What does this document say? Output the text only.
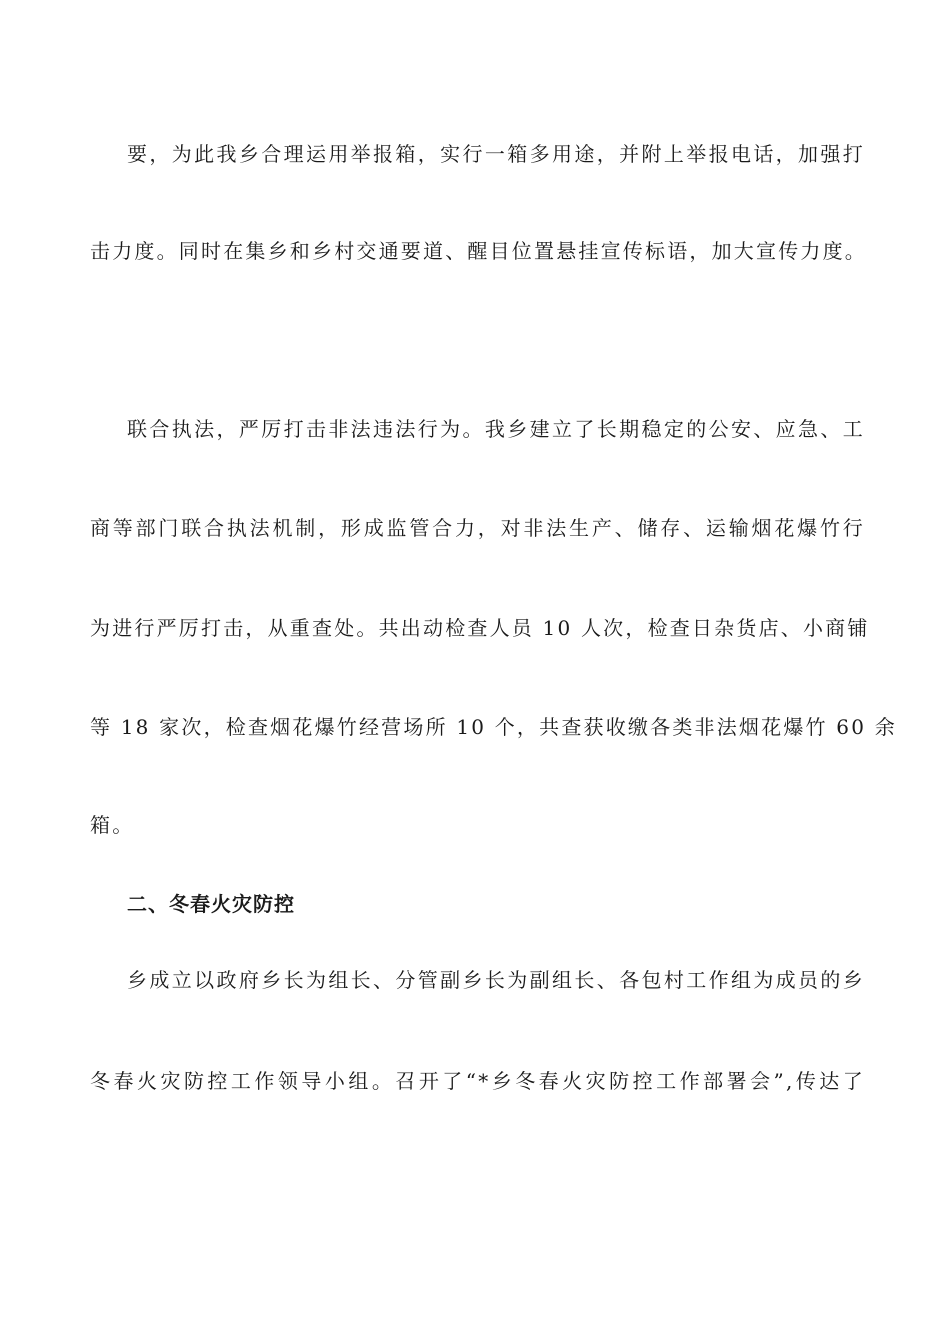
要，为此我乡合理运用举报箱，实行一箱多用途，并附上举报电话，加强打
击力度。同时在集乡和乡村交通要道、醒目位置悬挂宣传标语，加大宣传力度。
联合执法，严厉打击非法违法行为。我乡建立了长期稳定的公安、应急、工
商等部门联合执法机制，形成监管合力，对非法生产、储存、运输烟花爆竹行
为进行严厉打击，从重查处。共出动检查人员 10 人次，检查日杂货店、小商铺
等 18 家次，检查烟花爆竹经营场所 10 个，共查获收缴各类非法烟花爆竹 60 余
箱。
二、冬春火灾防控
乡成立以政府乡长为组长、分管副乡长为副组长、各包村工作组为成员的乡
冬春火灾防控工作领导小组。召开了“*乡冬春火灾防控工作部署会”,传达了
